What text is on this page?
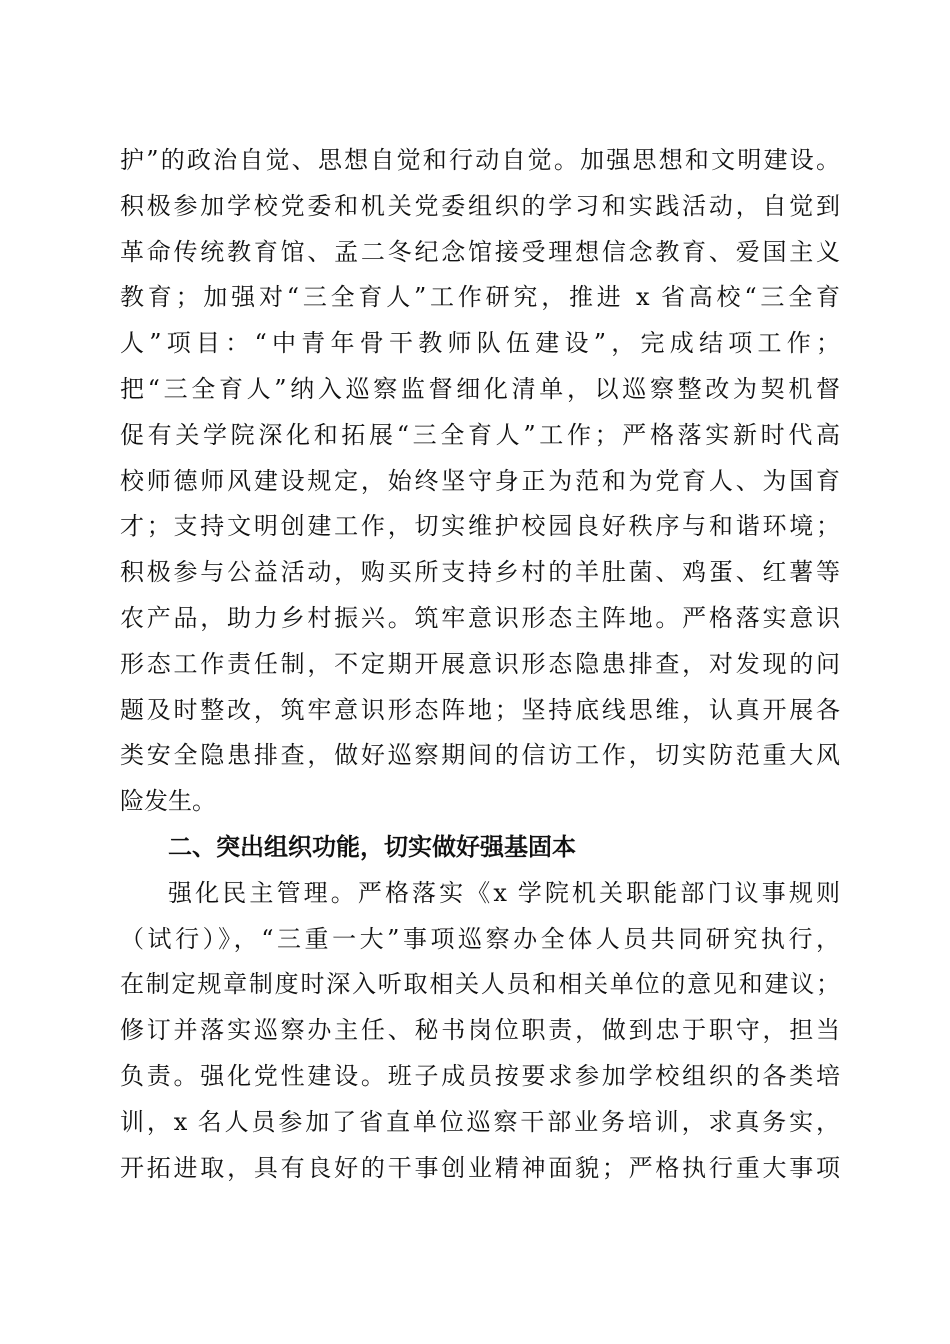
护”的政治自觉、思想自觉和行动自觉。加强思想和文明建设。
积极参加学校党委和机关党委组织的学习和实践活动，自觉到
革命传统教育馆、孟二冬纪念馆接受理想信念教育、爱国主义
教育；加强对“三全育人”工作研究，推进 x 省高校“三全育
人”项目：“中青年骨干教师队伍建设”，完成结项工作；
把“三全育人”纳入巡察监督细化清单，以巡察整改为契机督
促有关学院深化和拓展“三全育人”工作；严格落实新时代高
校师德师风建设规定，始终坚守身正为范和为党育人、为国育
才；支持文明创建工作，切实维护校园良好秩序与和谐环境；
积极参与公益活动，购买所支持乡村的羊肚菌、鸡蛋、红薯等
农产品，助力乡村振兴。筑牢意识形态主阵地。严格落实意识
形态工作责任制，不定期开展意识形态隐患排查，对发现的问
题及时整改，筑牢意识形态阵地；坚持底线思维，认真开展各
类安全隐患排查，做好巡察期间的信访工作，切实防范重大风
险发生。
二、突出组织功能，切实做好强基固本
强化民主管理。严格落实《x 学院机关职能部门议事规则
（试行）》，“三重一大”事项巡察办全体人员共同研究执行，
在制定规章制度时深入听取相关人员和相关单位的意见和建议；
修订并落实巡察办主任、秘书岗位职责，做到忠于职守，担当
负责。强化党性建设。班子成员按要求参加学校组织的各类培
训，x 名人员参加了省直单位巡察干部业务培训，求真务实，
开拓进取，具有良好的干事创业精神面貌；严格执行重大事项
